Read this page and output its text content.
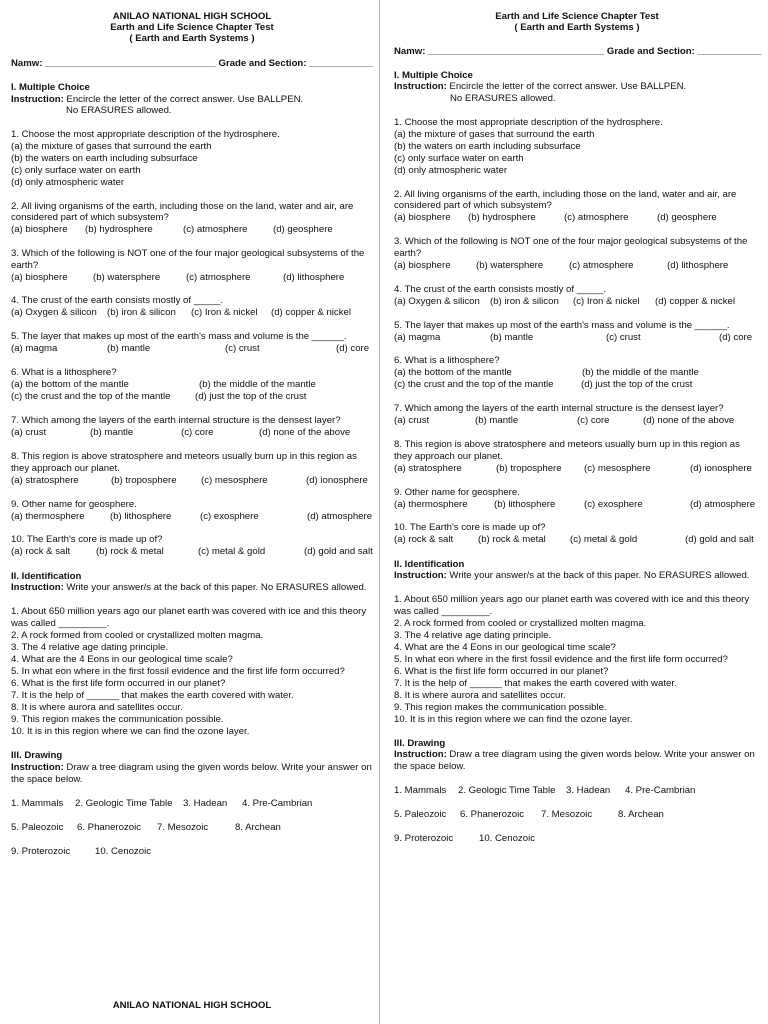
ANILAO NATIONAL HIGH SCHOOL
Earth and Life Science Chapter Test
( Earth and Earth Systems )
Namw: ________________________________ Grade and Section: ____________
I. Multiple Choice
Instruction: Encircle the letter of the correct answer. Use BALLPEN.
No ERASURES allowed.
1. Choose the most appropriate description of the hydrosphere.
(a) the mixture of gases that surround the earth
(b) the waters on earth including subsurface
(c) only surface water on earth
(d) only atmospheric water
2. All living organisms of the earth, including those on the land, water and air, are
considered part of which subsystem?
(a) biosphere (b) hydrosphere	(c) atmosphere	(d) geosphere
3. Which of the following is NOT one of the four major geological subsystems of the
earth?
(a) biosphere	(b) watersphere	(c) atmosphere	(d) lithosphere
4. The crust of the earth consists mostly of _____.
(a) Oxygen & silicon (b) iron & silicon (c) Iron & nickel (d) copper & nickel
5. The layer that makes up most of the earth's mass and volume is the ______.
(a) magma	(b) mantle	(c) crust	(d) core
6. What is a lithosphere?
(a) the bottom of the mantle	(b) the middle of the mantle
(c) the crust and the top of the mantle	(d) just the top of the crust
7. Which among the layers of the earth internal structure is the densest layer?
(a) crust	(b) mantle	(c) core	(d) none of the above
8. This region is above stratosphere and meteors usually burn up in this region as
they approach our planet.
(a) stratosphere	(b) troposphere	(c) mesosphere	(d) ionosphere
9. Other name for geosphere.
(a) thermosphere	(b) lithosphere	(c) exosphere	(d) atmosphere
10. The Earth's core is made up of?
(a) rock & salt	(b) rock & metal	(c) metal & gold	(d) gold and salt
II. Identification
Instruction: Write your answer/s at the back of this paper. No ERASURES allowed.
1. About 650 million years ago our planet earth was covered with ice and this theory
was called _________.
2. A rock formed from cooled or crystallized molten magma.
3. The 4 relative age dating principle.
4. What are the 4 Eons in our geological time scale?
5. In what eon where in the first fossil evidence and the first life form occurred?
6. What is the first life form occurred in our planet?
7. It is the help of ______ that makes the earth covered with water.
8. It is where aurora and satellites occur.
9. This region makes the communication possible.
10. It is in this region where we can find the ozone layer.
III. Drawing
Instruction: Draw a tree diagram using the given words below. Write your answer on
the space below.
1. Mammals 2. Geologic Time Table 3. Hadean 4. Pre-Cambrian
5. Paleozoic 6. Phanerozoic 7. Mesozoic	8. Archean
9. Proterozoic	10. Cenozoic
ANILAO NATIONAL HIGH SCHOOL
Earth and Life Science Chapter Test
( Earth and Earth Systems )
Namw: _________________________________ Grade and Section: ____________
I. Multiple Choice
Instruction: Encircle the letter of the correct answer. Use BALLPEN.
No ERASURES allowed.
1. Choose the most appropriate description of the hydrosphere.
(a) the mixture of gases that surround the earth
(b) the waters on earth including subsurface
(c) only surface water on earth
(d) only atmospheric water
2. All living organisms of the earth, including those on the land, water and air, are
considered part of which subsystem?
(a) biosphere (b) hydrosphere	(c) atmosphere	(d) geosphere
3. Which of the following is NOT one of the four major geological subsystems of the
earth?
(a) biosphere	(b) watersphere	(c) atmosphere	(d) lithosphere
4. The crust of the earth consists mostly of _____.
(a) Oxygen & silicon (b) iron & silicon (c) Iron & nickel (d) copper & nickel
5. The layer that makes up most of the earth's mass and volume is the ______.
(a) magma	(b) mantle	(c) crust	(d) core
6. What is a lithosphere?
(a) the bottom of the mantle	(b) the middle of the mantle
(c) the crust and the top of the mantle	(d) just the top of the crust
7. Which among the layers of the earth internal structure is the densest layer?
(a) crust	(b) mantle	(c) core	(d) none of the above
8. This region is above stratosphere and meteors usually burn up in this region as
they approach our planet.
(a) stratosphere	(b) troposphere (c) mesosphere	(d) ionosphere
9. Other name for geosphere.
(a) thermosphere	(b) lithosphere	(c) exosphere	(d) atmosphere
10. The Earth's core is made up of?
(a) rock & salt	(b) rock & metal	(c) metal & gold	(d) gold and salt
II. Identification
Instruction: Write your answer/s at the back of this paper. No ERASURES allowed.
1. About 650 million years ago our planet earth was covered with ice and this theory
was called _________.
2. A rock formed from cooled or crystallized molten magma.
3. The 4 relative age dating principle.
4. What are the 4 Eons in our geological time scale?
5. In what eon where in the first fossil evidence and the first life form occurred?
6. What is the first life form occurred in our planet?
7. It is the help of ______ that makes the earth covered with water.
8. It is where aurora and satellites occur.
9. This region makes the communication possible.
10. It is in this region where we can find the ozone layer.
III. Drawing
Instruction: Draw a tree diagram using the given words below. Write your answer on
the space below.
1. Mammals 2. Geologic Time Table 3. Hadean 4. Pre-Cambrian
5. Paleozoic 6. Phanerozoic 7. Mesozoic	8. Archean
9. Proterozoic	10. Cenozoic
